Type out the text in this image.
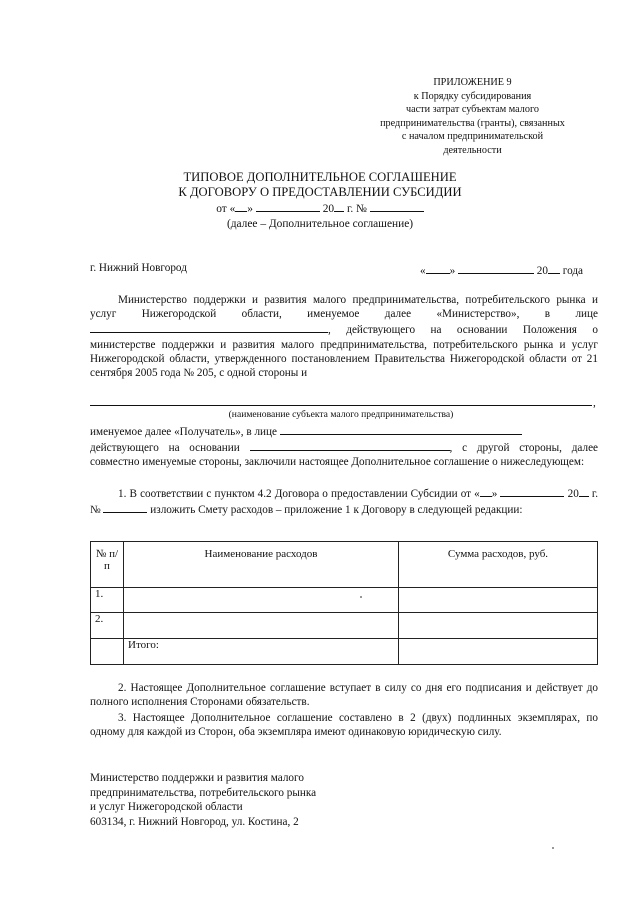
ПРИЛОЖЕНИЕ 9
к Порядку субсидирования
части затрат субъектам малого
предпринимательства (гранты), связанных
с началом предпринимательской
деятельности
ТИПОВОЕ ДОПОЛНИТЕЛЬНОЕ СОГЛАШЕНИЕ
К ДОГОВОРУ О ПРЕДОСТАВЛЕНИИ СУБСИДИИ
от « »	20 г. №
(далее – Дополнительное соглашение)
г. Нижний Новгород	« »	20 года
Министерство поддержки и развития малого предпринимательства, потребительского рынка и услуг Нижегородской области, именуемое далее «Министерство», в лице , действующего на основании Положения о министерстве поддержки и развития малого предпринимательства, потребительского рынка и услуг Нижегородской области, утвержденного постановлением Правительства Нижегородской области от 21 сентября 2005 года № 205, с одной стороны и
,
(наименование субъекта малого предпринимательства)
именуемое далее «Получатель», в лице
действующего на основании	, с другой стороны, далее совместно именуемые стороны, заключили настоящее Дополнительное соглашение о нижеследующем:
1. В соответствии с пунктом 4.2 Договора о предоставлении Субсидии от « »	20 г. №	изложить Смету расходов – приложение 1 к Договору в следующей редакции:
№ п/п	Наименование расходов	Сумма расходов, руб.
1.		
2.		
	Итого:	
2. Настоящее Дополнительное соглашение вступает в силу со дня его подписания и действует до полного исполнения Сторонами обязательств.
3. Настоящее Дополнительное соглашение составлено в 2 (двух) подлинных экземплярах, по одному для каждой из Сторон, оба экземпляра имеют одинаковую юридическую силу.
Министерство поддержки и развития малого
предпринимательства, потребительского рынка
и услуг Нижегородской области
603134, г. Нижний Новгород, ул. Костина, 2
